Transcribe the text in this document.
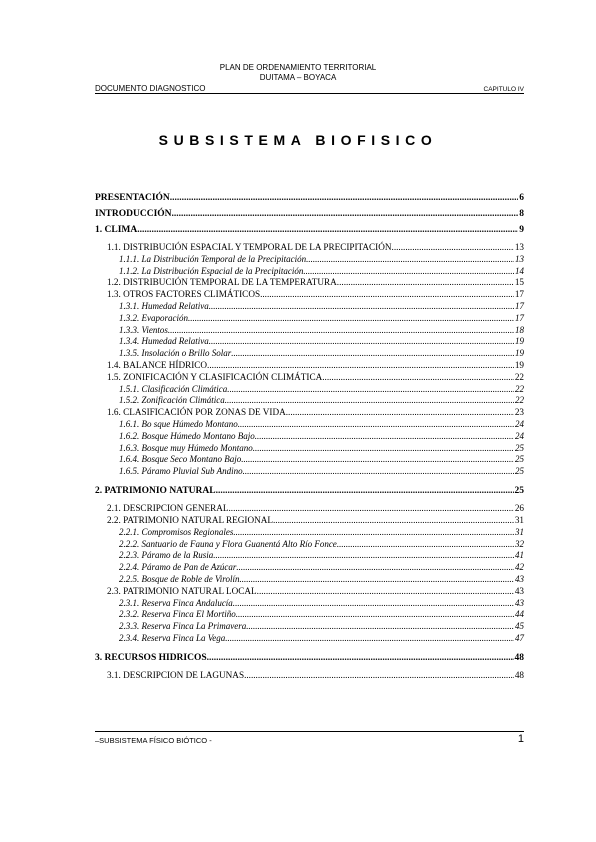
PLAN DE ORDENAMIENTO TERRITORIAL
DUITAMA – BOYACA
DOCUMENTO DIAGNOSTICO	CAPITULO IV
SUBSISTEMA BIOFISICO
PRESENTACIÓN .....	6
INTRODUCCIÓN .....	8
1. CLIMA .....	9
1.1. DISTRIBUCIÓN ESPACIAL Y TEMPORAL DE LA PRECIPITACIÓN .....	13
1.1.1. La Distribución Temporal de la Precipitación .....	13
1.1.2. La Distribución Espacial de la Precipitación .....	14
1.2. DISTRIBUCIÓN TEMPORAL DE LA TEMPERATURA .....	15
1.3. OTROS FACTORES CLIMÁTICOS .....	17
1.3.1. Humedad Relativa .....	17
1.3.2. Evaporación. .....	17
1.3.3. Vientos. .....	18
1.3.4. Humedad Relativa .....	19
1.3.5. Insolación o Brillo Solar .....	19
1.4. BALANCE HÍDRICO .....	19
1.5. ZONIFICACIÓN Y CLASIFICACIÓN CLIMÁTICA .....	22
1.5.1. Clasificación Climática. .....	22
1.5.2. Zonificación Climática. .....	22
1.6. CLASIFICACIÓN POR ZONAS DE VIDA .....	23
1.6.1. Bo sque Húmedo Montano .....	24
1.6.2. Bosque Húmedo Montano Bajo .....	24
1.6.3. Bosque muy Húmedo Montano .....	25
1.6.4. Bosque Seco Montano Bajo .....	25
1.6.5. Páramo Pluvial Sub Andino .....	25
2. PATRIMONIO NATURAL .....	25
2.1. DESCRIPCION GENERAL .....	26
2.2. PATRIMONIO NATURAL REGIONAL .....	31
2.2.1. Compromisos Regionales .....	31
2.2.2. Santuario de Fauna y Flora Guanentá Alto Río Fonce .....	32
2.2.3. Páramo de la Rusia .....	41
2.2.4. Páramo de Pan de Azúcar .....	42
2.2.5. Bosque de Roble de Virolín .....	43
2.3. PATRIMONIO NATURAL LOCAL .....	43
2.3.1. Reserva Finca Andalucía. .....	43
2.3.2. Reserva Finca El Mortiño .....	44
2.3.3. Reserva Finca La Primavera .....	45
2.3.4. Reserva Finca La Vega .....	47
3. RECURSOS HIDRICOS .....	48
3.1. DESCRIPCION DE LAGUNAS .....	48
–SUBSISTEMA FÍSICO BIÓTICO -	1
